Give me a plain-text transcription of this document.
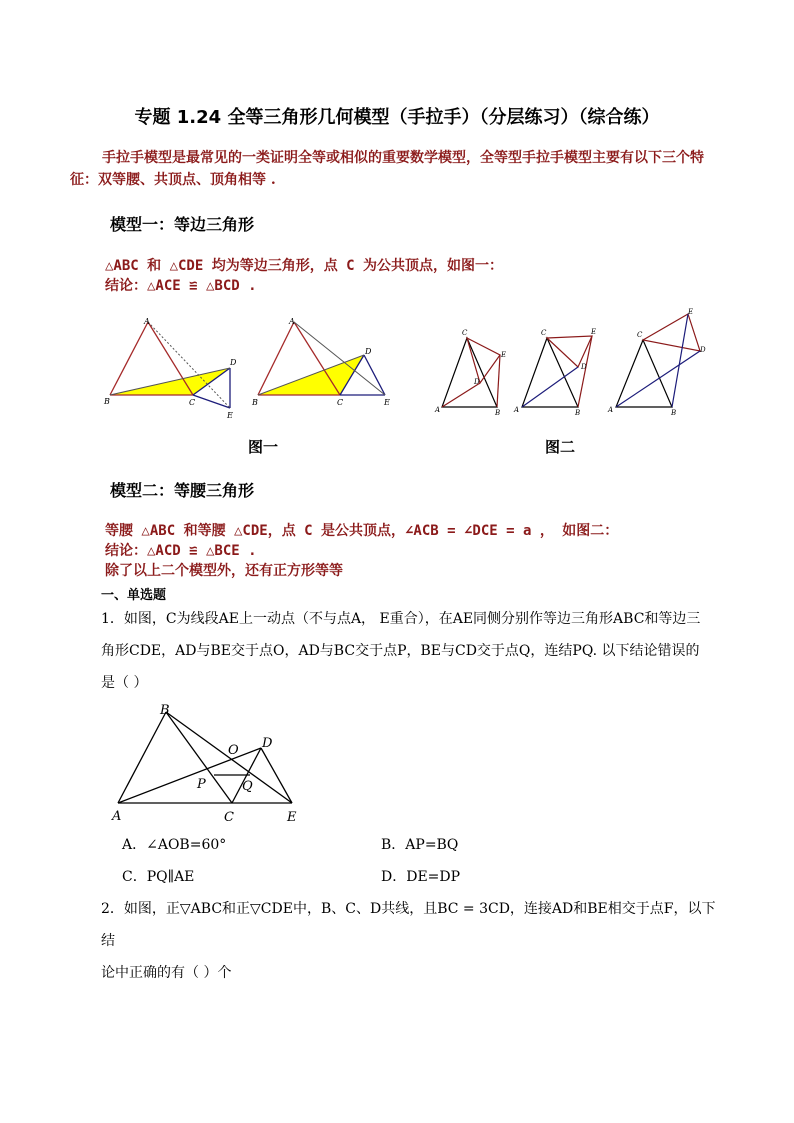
专题 1.24 全等三角形几何模型（手拉手）（分层练习）（综合练）
手拉手模型是最常见的一类证明全等或相似的重要数学模型，全等型手拉手模型主要有以下三个特征：双等腰、共顶点、顶角相等 .
模型一：等边三角形
△ABC 和 △CDE 均为等边三角形，点 C 为公共顶点，如图一：
结论：△ACE ≌ △BCD .
A
B	C
D
E
A
B	C
D
E
C
E
D
A	B
C	E
D
A	B
C
E
D
A	B
图一	图二
模型二：等腰三角形
等腰 △ABC 和等腰 △CDE，点 C 是公共顶点，∠ACB = ∠DCE = a ， 如图二：
结论：△ACD ≌ △BCE .
除了以上二个模型外，还有正方形等等
一、单选题
1．如图，C为线段AE上一动点（不与点A， E重合），在AE同侧分别作等边三角形ABC和等边三
角形CDE，AD与BE交于点O，AD与BC交于点P，BE与CD交于点Q，连结PQ. 以下结论错误的
是（ ）
B
A	C	E
D
O
P	Q
A．∠AOB=60°	B．AP=BQ
C．PQ∥AE	D．DE=DP
2．如图，正▽ABC和正▽CDE中，B、C、D共线，且BC = 3CD，连接AD和BE相交于点F，以下结
论中正确的有（ ）个
